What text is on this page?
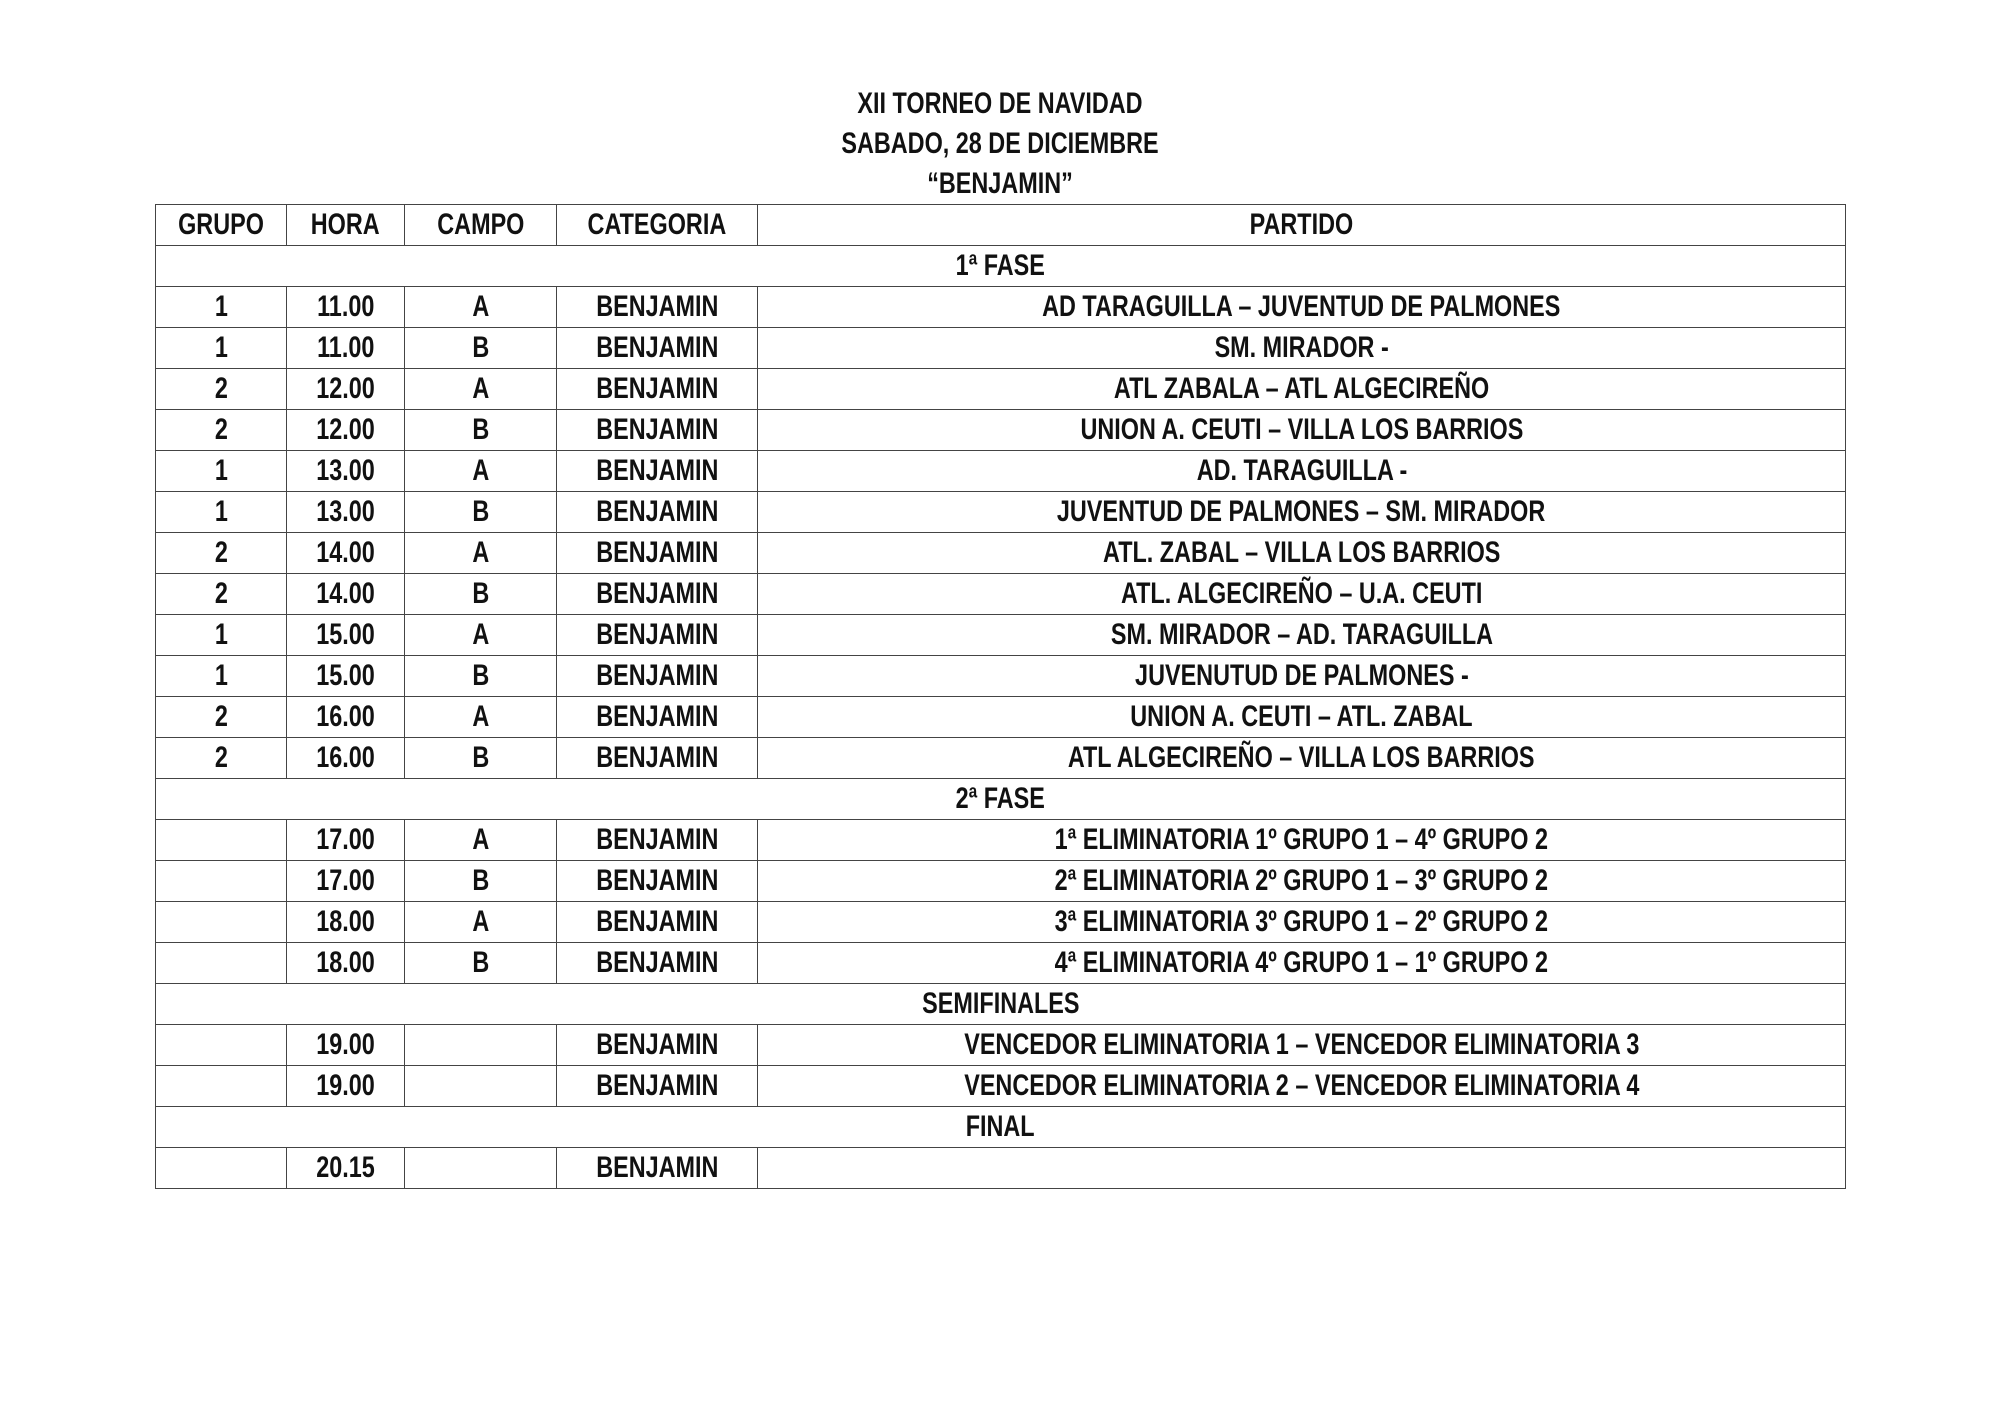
XII TORNEO DE NAVIDAD
SABADO, 28 DE DICIEMBRE
“BENJAMIN”
GRUPO	HORA	CAMPO	CATEGORIA	PARTIDO
1ª FASE				
1	11.00	A	BENJAMIN	AD TARAGUILLA – JUVENTUD DE PALMONES
1	11.00	B	BENJAMIN	SM. MIRADOR -
2	12.00	A	BENJAMIN	ATL ZABALA – ATL ALGECIREÑO
2	12.00	B	BENJAMIN	UNION A. CEUTI – VILLA LOS BARRIOS
1	13.00	A	BENJAMIN	AD. TARAGUILLA -
1	13.00	B	BENJAMIN	JUVENTUD DE PALMONES – SM. MIRADOR
2	14.00	A	BENJAMIN	ATL. ZABAL – VILLA LOS BARRIOS
2	14.00	B	BENJAMIN	ATL. ALGECIREÑO – U.A. CEUTI
1	15.00	A	BENJAMIN	SM. MIRADOR – AD. TARAGUILLA
1	15.00	B	BENJAMIN	JUVENUTUD DE PALMONES -
2	16.00	A	BENJAMIN	UNION A. CEUTI – ATL. ZABAL
2	16.00	B	BENJAMIN	ATL ALGECIREÑO – VILLA LOS BARRIOS
2ª FASE				
	17.00	A	BENJAMIN	1ª ELIMINATORIA 1º GRUPO 1 – 4º GRUPO 2
	17.00	B	BENJAMIN	2ª ELIMINATORIA 2º GRUPO 1 – 3º GRUPO 2
	18.00	A	BENJAMIN	3ª ELIMINATORIA 3º GRUPO 1 – 2º GRUPO 2
	18.00	B	BENJAMIN	4ª ELIMINATORIA 4º GRUPO 1 – 1º GRUPO 2
SEMIFINALES				
	19.00		BENJAMIN	VENCEDOR ELIMINATORIA 1 – VENCEDOR ELIMINATORIA 3
	19.00		BENJAMIN	VENCEDOR ELIMINATORIA 2 – VENCEDOR ELIMINATORIA 4
FINAL				
	20.15		BENJAMIN	
